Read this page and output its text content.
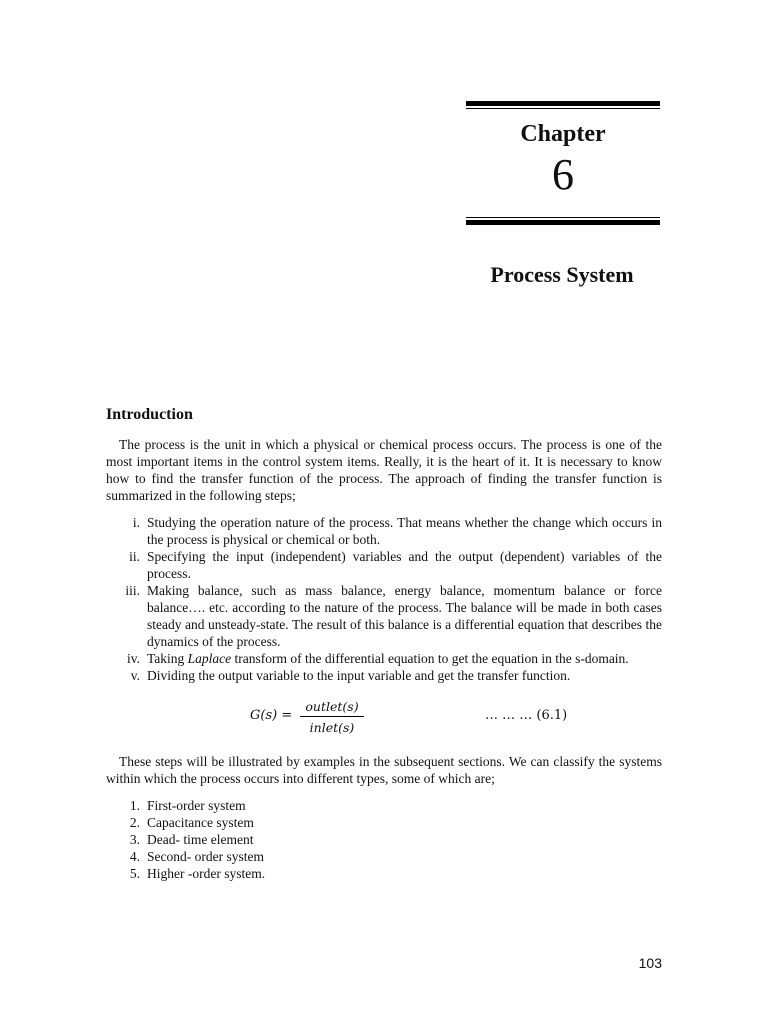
Chapter
6
Process System
Introduction

The process is the unit in which a physical or chemical process occurs. The process is one of the most important items in the control system items. Really, it is the heart of it. It is necessary to know how to find the transfer function of the process. The approach of finding the transfer function is summarized in the following steps;

i. Studying the operation nature of the process. That means whether the change which occurs in the process is physical or chemical or both.
ii. Specifying the input (independent) variables and the output (dependent) variables of the process.
iii. Making balance, such as mass balance, energy balance, momentum balance or force balance…. etc. according to the nature of the process. The balance will be made in both cases steady and unsteady-state. The result of this balance is a differential equation that describes the dynamics of the process.
iv. Taking Laplace transform of the differential equation to get the equation in the s-domain.
v. Dividing the output variable to the input variable and get the transfer function.
G(s) =
outlet(s)
inlet(s)
… … … (6.1)

These steps will be illustrated by examples in the subsequent sections. We can classify the systems within which the process occurs into different types, some of which are;

1. First-order system
2. Capacitance system
3. Dead- time element
4. Second- order system
5. Higher -order system.
103
